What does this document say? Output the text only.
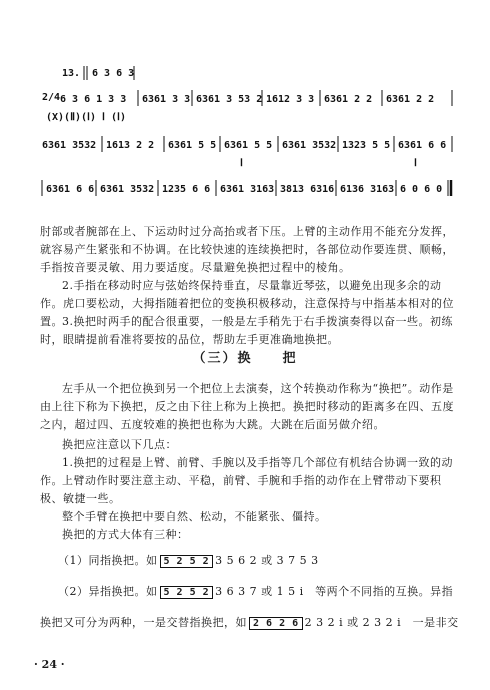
13. 6 3 6 3
2/4 6 3 6 1 3 3 6361 3 3 6361 3 53 2 1612 3 3 6361 2 2 6361 2 2
(X)(Ⅱ)(Ⅰ) Ⅰ (Ⅰ)
6361 3532 1613 2 2 6361 5 5 6361 5 5 6361 3532 1323 5 5 6361 6 6
Ⅰ	Ⅰ
6361 6 6 6361 3532 1235 6 6 6361 3163 3813 6316 6136 3163 6 0 6 0
肘部或者腕部在上、下运动时过分高抬或者下压。上臂的主动作用不能充分发挥，就容易产生紧张和不协调。在比较快速的连续换把时，各部位动作要连贯、顺畅，手指按音要灵敏、用力要适度。尽量避免换把过程中的棱角。
2.手指在移动时应与弦始终保持垂直，尽量靠近琴弦，以避免出现多余的动作。虎口要松动，大拇指随着把位的变换积极移动，注意保持与中指基本相对的位置。 3.换把时两手的配合很重要，一般是左手稍先于右手拨演奏得以奋一些。初练时，眼睛提前看准将要按的品位，帮助左手更准确地换把。
（三）换　　把
左手从一个把位换到另一个把位上去演奏，这个转换动作称为“换把”。动作是由上往下称为下换把，反之由下往上称为上换把。换把时移动的距离多在四、五度之内，超过四、五度较难的换把也称为大跳。大跳在后面另做介绍。
换把应注意以下几点：
1.换把的过程是上臂、前臂、手腕以及手指等几个部位有机结合协调一致的动作。 上臂动作时要注意主动、平稳，前臂、手腕和手指的动作在上臂带动下要积极、敏捷一些。
整个手臂在换把中要自然、松动，不能紧张、僵持。
换把的方式大体有三种：
（1）同指换把。如 5 2 5 2 3 5 6 2 或 3 7 5 3
（2）异指换把。如 5 2 5 2 3 6 3 7 或 1 5 i　等两个不同指的互换。异指
换把又可分为两种，一是交替指换把，如 2 6 2 6 2 3 2 i 或 2 3 2 i　一是非交
· 24 ·
